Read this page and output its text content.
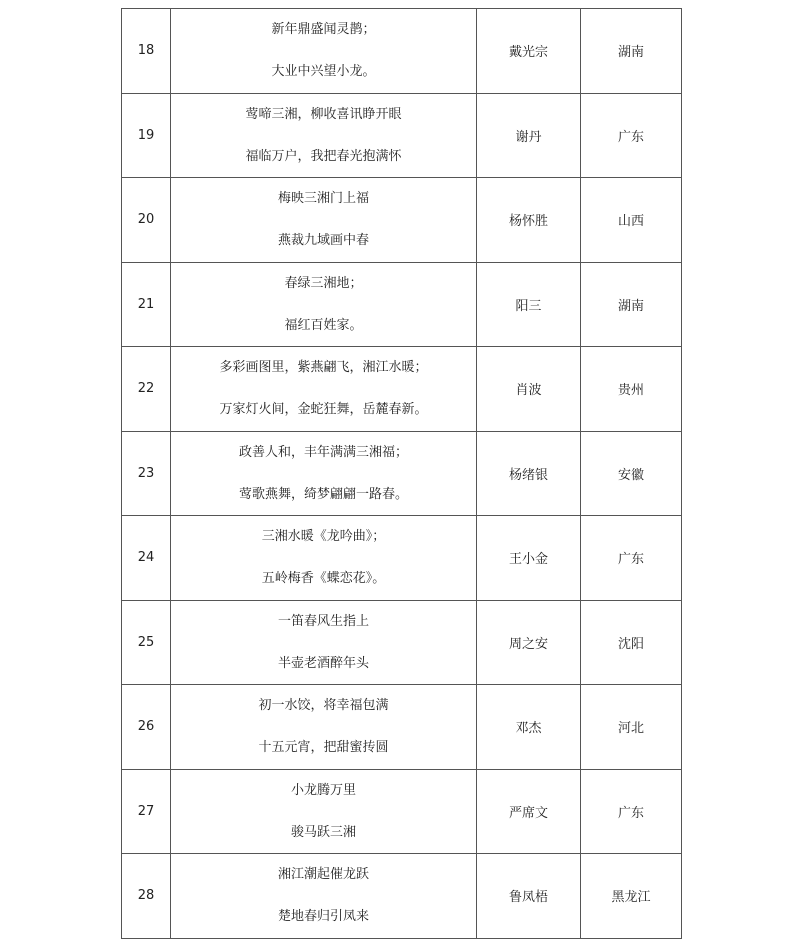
18	新年鼎盛闻灵鹊；
大业中兴望小龙。	戴光宗	湖南
19	莺啼三湘，柳收喜讯睁开眼
福临万户，我把春光抱满怀	谢丹	广东
20	梅映三湘门上福
燕裁九域画中春	杨怀胜	山西
21	春绿三湘地；
福红百姓家。	阳三	湖南
22	多彩画图里，紫燕翩飞，湘江水暖；
万家灯火间，金蛇狂舞，岳麓春新。	肖波	贵州
23	政善人和，丰年满满三湘福；
莺歌燕舞，绮梦翩翩一路春。	杨绪银	安徽
24	三湘水暖《龙吟曲》；
五岭梅香《蝶恋花》。	王小金	广东
25	一笛春风生指上
半壶老酒醉年头	周之安	沈阳
26	初一水饺，将幸福包满
十五元宵，把甜蜜抟圆	邓杰	河北
27	小龙腾万里
骏马跃三湘	严席文	广东
28	湘江潮起催龙跃
楚地春归引凤来	鲁凤梧	黑龙江
